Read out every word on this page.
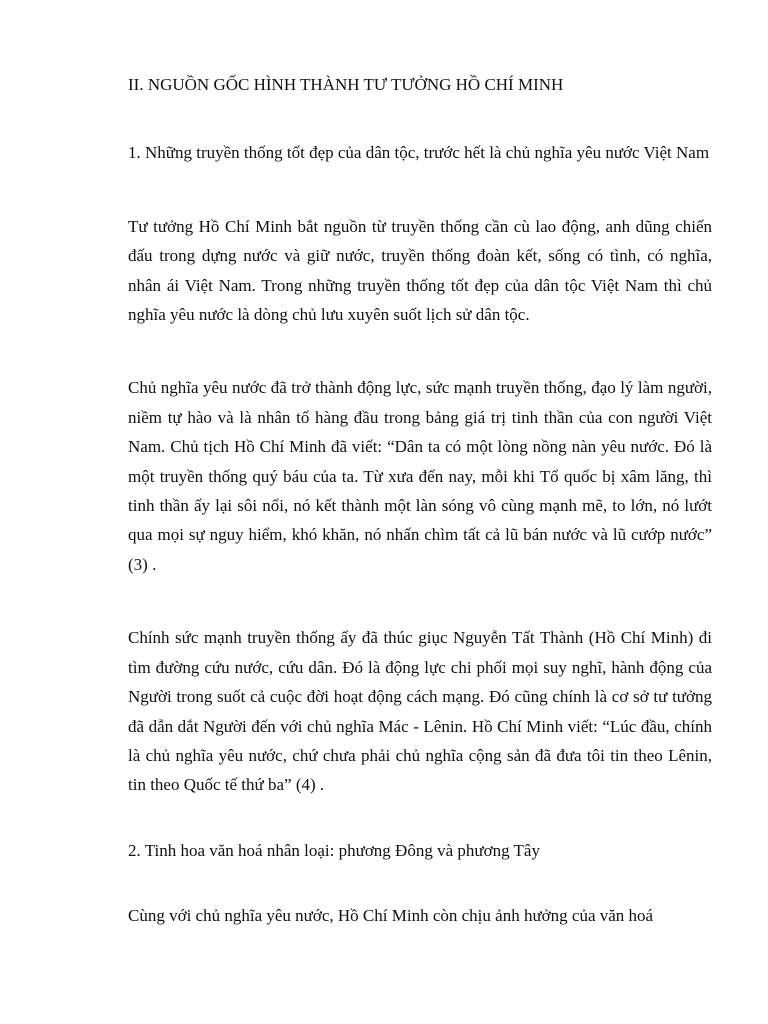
II. NGUỒN GỐC HÌNH THÀNH TƯ TƯỞNG HỒ CHÍ MINH

1. Những truyền thống tốt đẹp của dân tộc, trước hết là chủ nghĩa yêu nước Việt Nam

Tư tưởng Hồ Chí Minh bắt nguồn từ truyền thống cần cù lao động, anh dũng chiến đấu trong dựng nước và giữ nước, truyền thống đoàn kết, sống có tình, có nghĩa, nhân ái Việt Nam. Trong những truyền thống tốt đẹp của dân tộc Việt Nam thì chủ nghĩa yêu nước là dòng chủ lưu xuyên suốt lịch sử dân tộc.

Chủ nghĩa yêu nước đã trở thành động lực, sức mạnh truyền thống, đạo lý làm người, niềm tự hào và là nhân tố hàng đầu trong bảng giá trị tinh thần của con người Việt Nam. Chủ tịch Hồ Chí Minh đã viết: “Dân ta có một lòng nồng nàn yêu nước. Đó là một truyền thống quý báu của ta. Từ xưa đến nay, mỗi khi Tổ quốc bị xâm lăng, thì tinh thần ấy lại sôi nổi, nó kết thành một làn sóng vô cùng mạnh mẽ, to lớn, nó lướt qua mọi sự nguy hiểm, khó khăn, nó nhấn chìm tất cả lũ bán nước và lũ cướp nước” (3) .

Chính sức mạnh truyền thống ấy đã thúc giục Nguyễn Tất Thành (Hồ Chí Minh) đi tìm đường cứu nước, cứu dân. Đó là động lực chi phối mọi suy nghĩ, hành động của Người trong suốt cả cuộc đời hoạt động cách mạng. Đó cũng chính là cơ sở tư tưởng đã dẫn dắt Người đến với chủ nghĩa Mác - Lênin. Hồ Chí Minh viết: “Lúc đầu, chính là chủ nghĩa yêu nước, chứ chưa phải chủ nghĩa cộng sản đã đưa tôi tin theo Lênin, tin theo Quốc tế thứ ba” (4) .

2. Tinh hoa văn hoá nhân loại: phương Đông và phương Tây

Cùng với chủ nghĩa yêu nước, Hồ Chí Minh còn chịu ảnh hưởng của văn hoá
